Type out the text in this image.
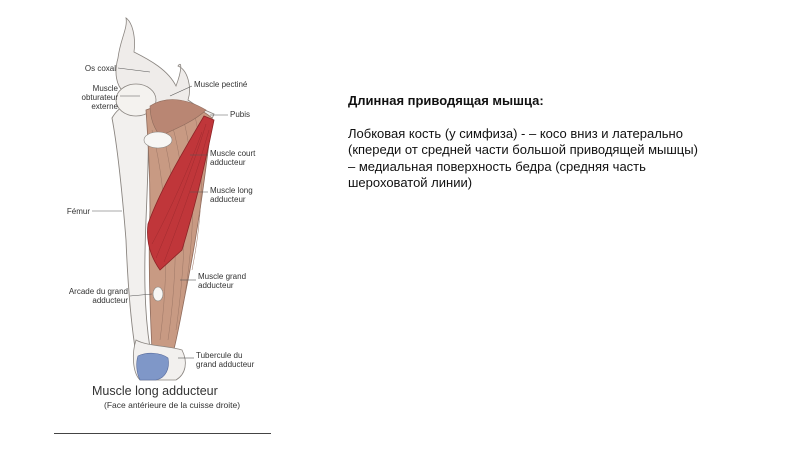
Os coxal
Muscle
obturateur
externe
Fémur
Arcade du grand
adducteur
Muscle pectiné
Pubis
Muscle court
adducteur
Muscle long
adducteur
Muscle grand
adducteur
Tubercule du
grand adducteur
Muscle long adducteur
(Face antérieure de la cuisse droite)

Длинная приводящая мышца:

Лобковая кость (у симфиза) - – косо вниз и латерально

(кпереди от средней части большой приводящей мышцы)

– медиальная поверхность бедра (средняя часть

шероховатой линии)
